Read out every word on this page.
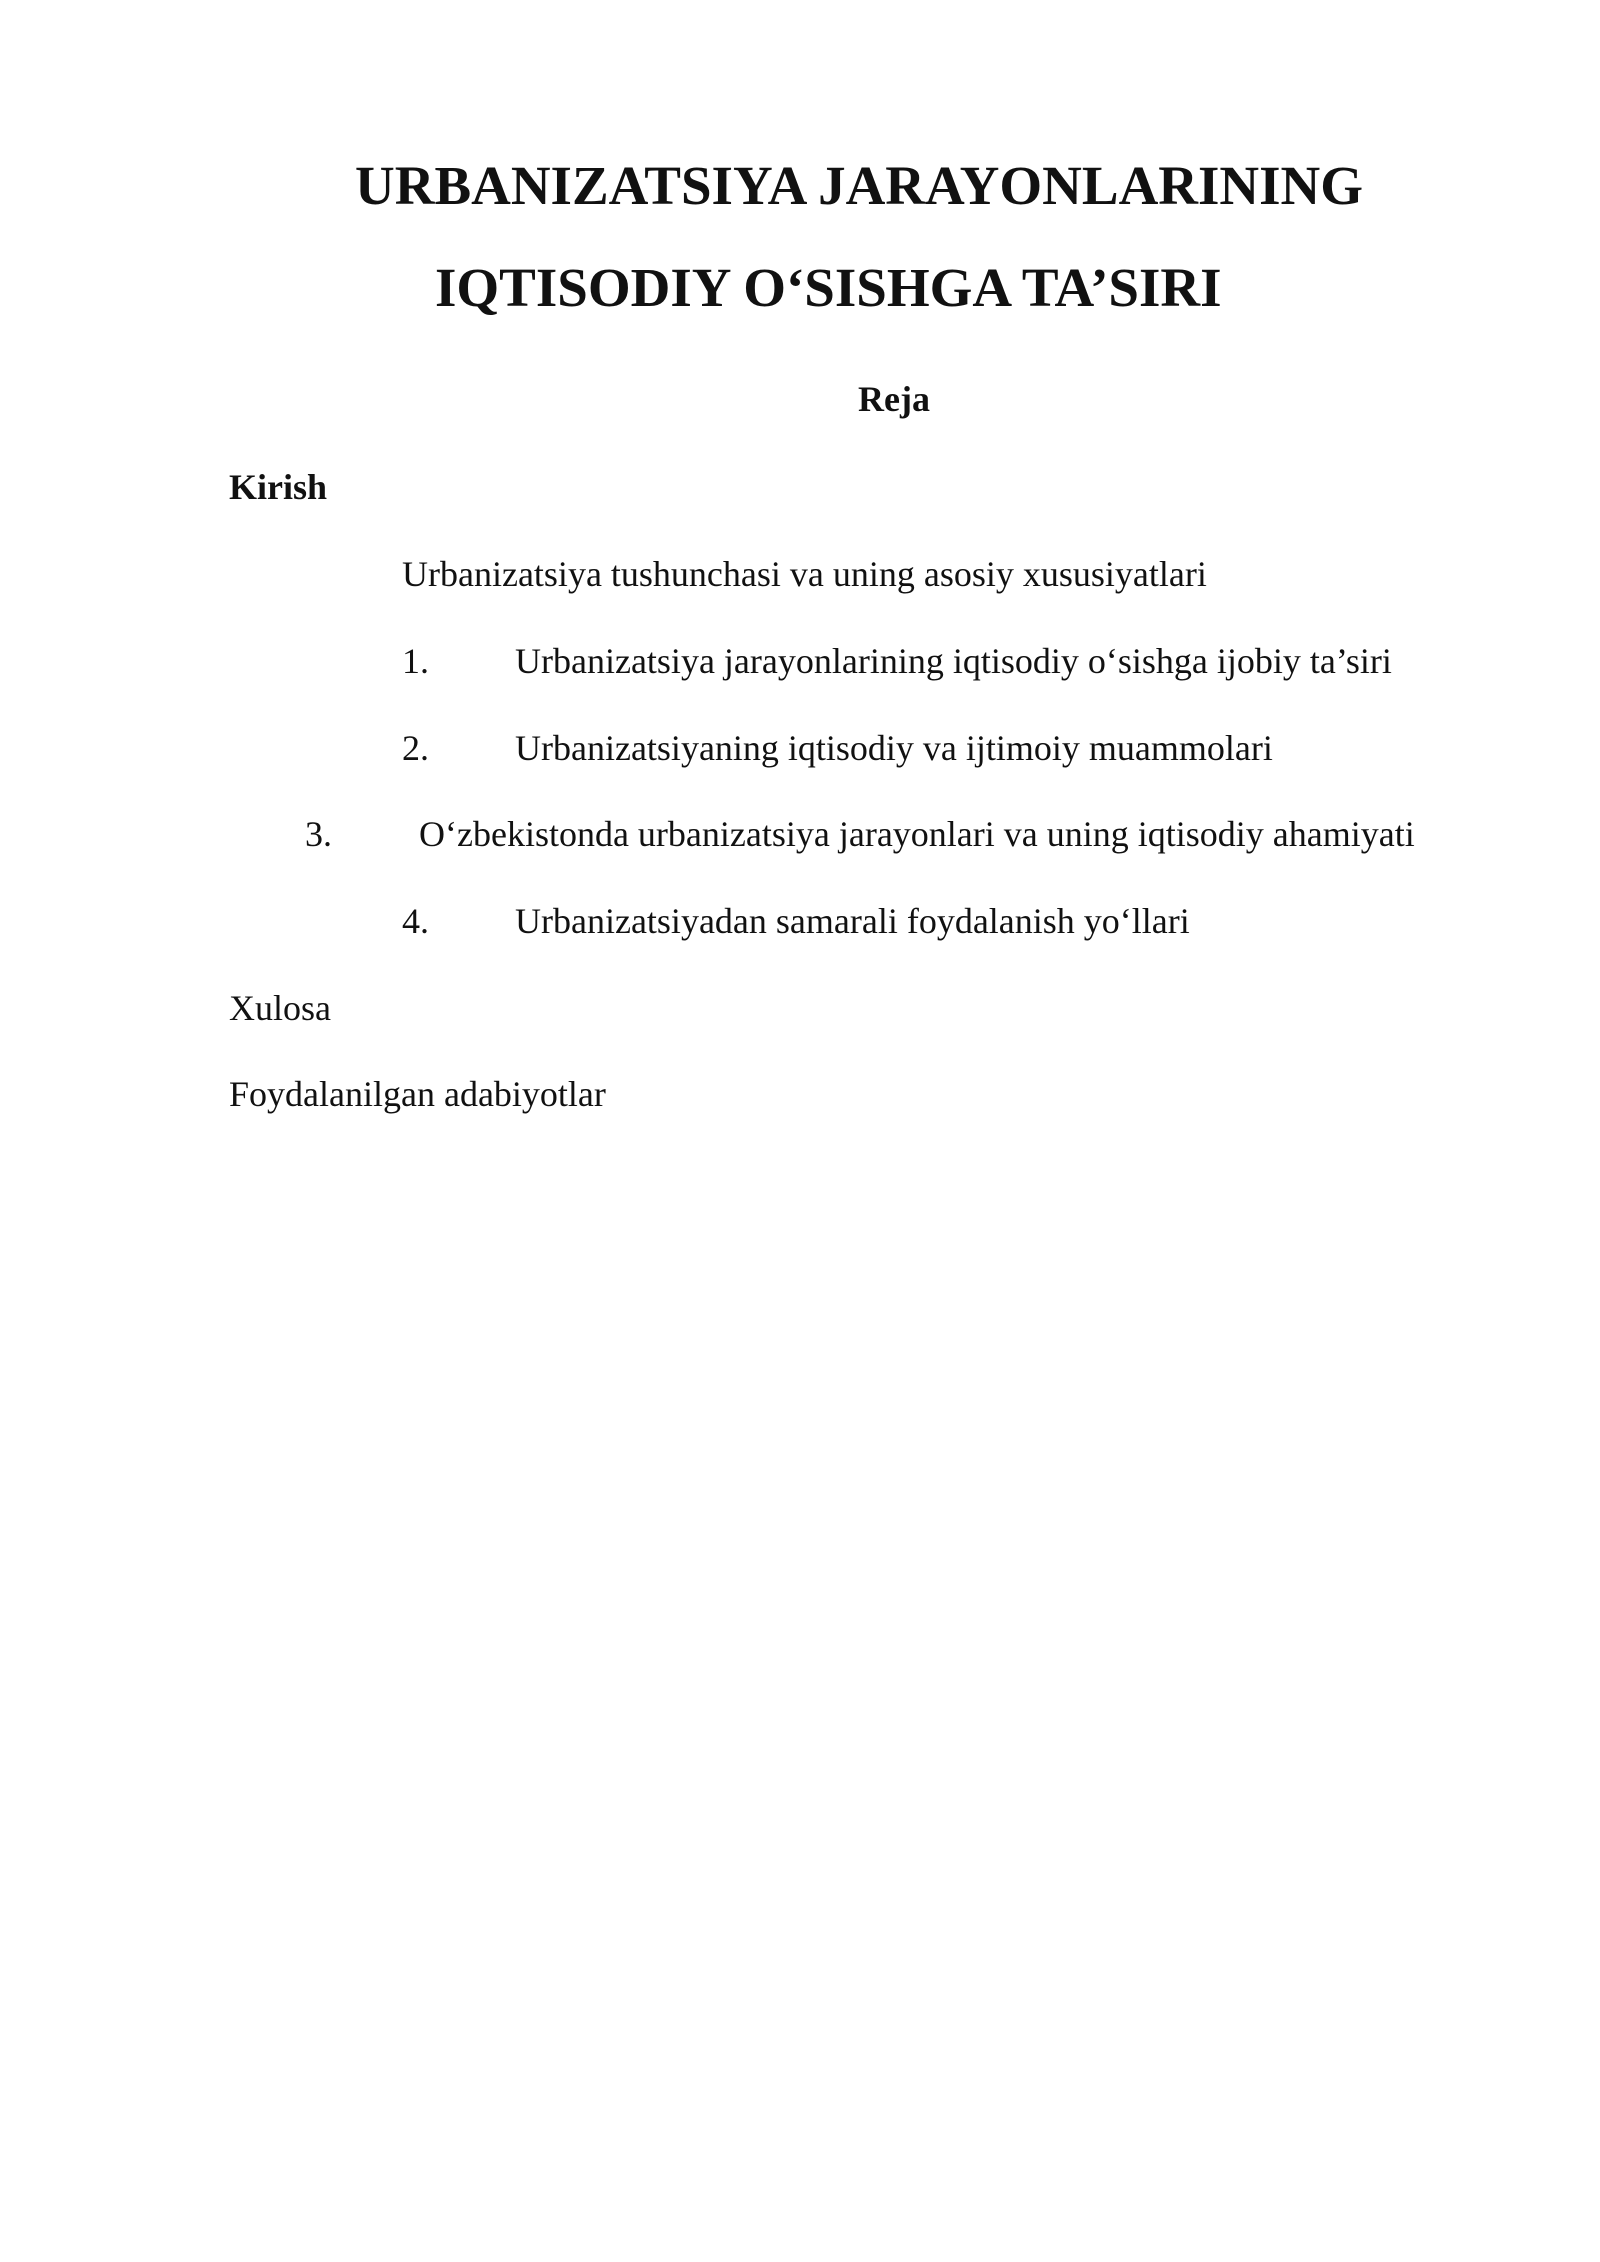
URBANIZATSIYA JARAYONLARINING
IQTISODIY O‘SISHGA TA’SIRI
Reja
Kirish
Urbanizatsiya tushunchasi va uning asosiy xususiyatlari
1. Urbanizatsiya jarayonlarining iqtisodiy o‘sishga ijobiy ta’siri
2. Urbanizatsiyaning iqtisodiy va ijtimoiy muammolari
3. O‘zbekistonda urbanizatsiya jarayonlari va uning iqtisodiy ahamiyati
4. Urbanizatsiyadan samarali foydalanish yo‘llari
Xulosa
Foydalanilgan adabiyotlar
